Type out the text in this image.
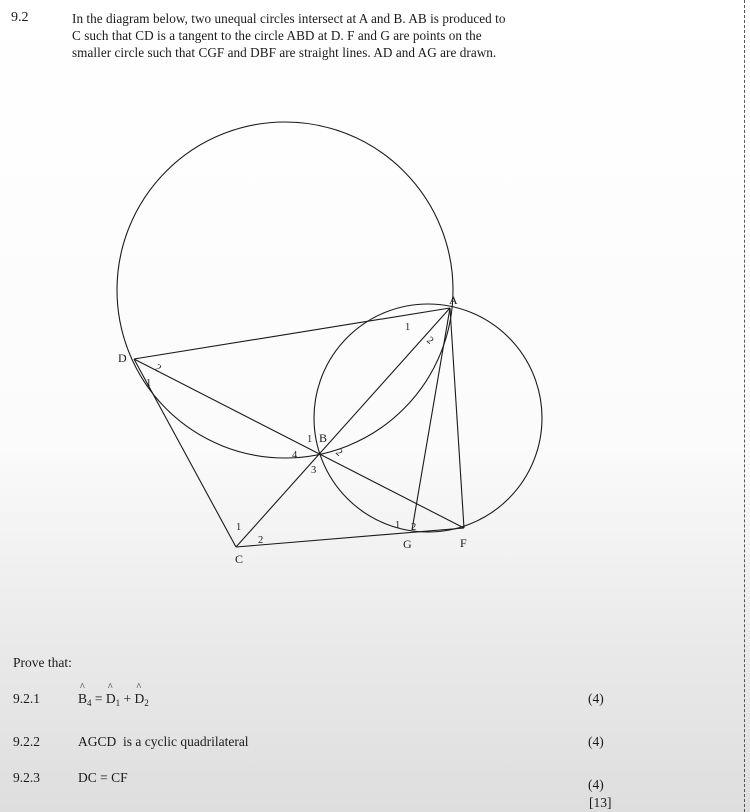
9.2	In the diagram below, two unequal circles intersect at A and B. AB is produced to

C such that CD is a tangent to the circle ABD at D. F and G are points on the

smaller circle such that CGF and DBF are straight lines. AD and AG are drawn.

A
B
C
D
F
G
1
2
2
1
1
2
3
4
1
2
1 2
Prove that:
9.2.1
^	$B_4$ = ^ $D_1$ + ^ $D_2$	(4)
9.2.2	AGCD  is a cyclic quadrilateral	(4)
9.2.3	DC = CF	(4)
[13]
